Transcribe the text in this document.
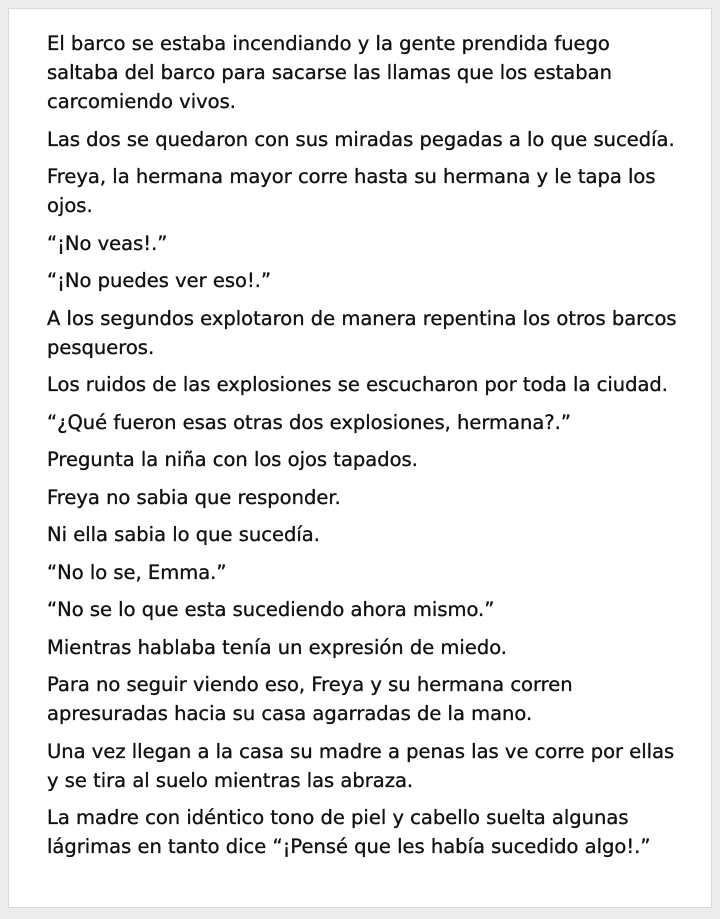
El barco se estaba incendiando y la gente prendida fuego saltaba del barco para sacarse las llamas que los estaban carcomiendo vivos.

Las dos se quedaron con sus miradas pegadas a lo que sucedía.

Freya, la hermana mayor corre hasta su hermana y le tapa los ojos.

“¡No veas!.”

“¡No puedes ver eso!.”

A los segundos explotaron de manera repentina los otros barcos pesqueros.

Los ruidos de las explosiones se escucharon por toda la ciudad.

“¿Qué fueron esas otras dos explosiones, hermana?.”

Pregunta la niña con los ojos tapados.

Freya no sabia que responder.

Ni ella sabia lo que sucedía.

“No lo se, Emma.”

“No se lo que esta sucediendo ahora mismo.”

Mientras hablaba tenía un expresión de miedo.

Para no seguir viendo eso, Freya y su hermana corren apresuradas hacia su casa agarradas de la mano.

Una vez llegan a la casa su madre a penas las ve corre por ellas y se tira al suelo mientras las abraza.

La madre con idéntico tono de piel y cabello suelta algunas lágrimas en tanto dice “¡Pensé que les había sucedido algo!.”
